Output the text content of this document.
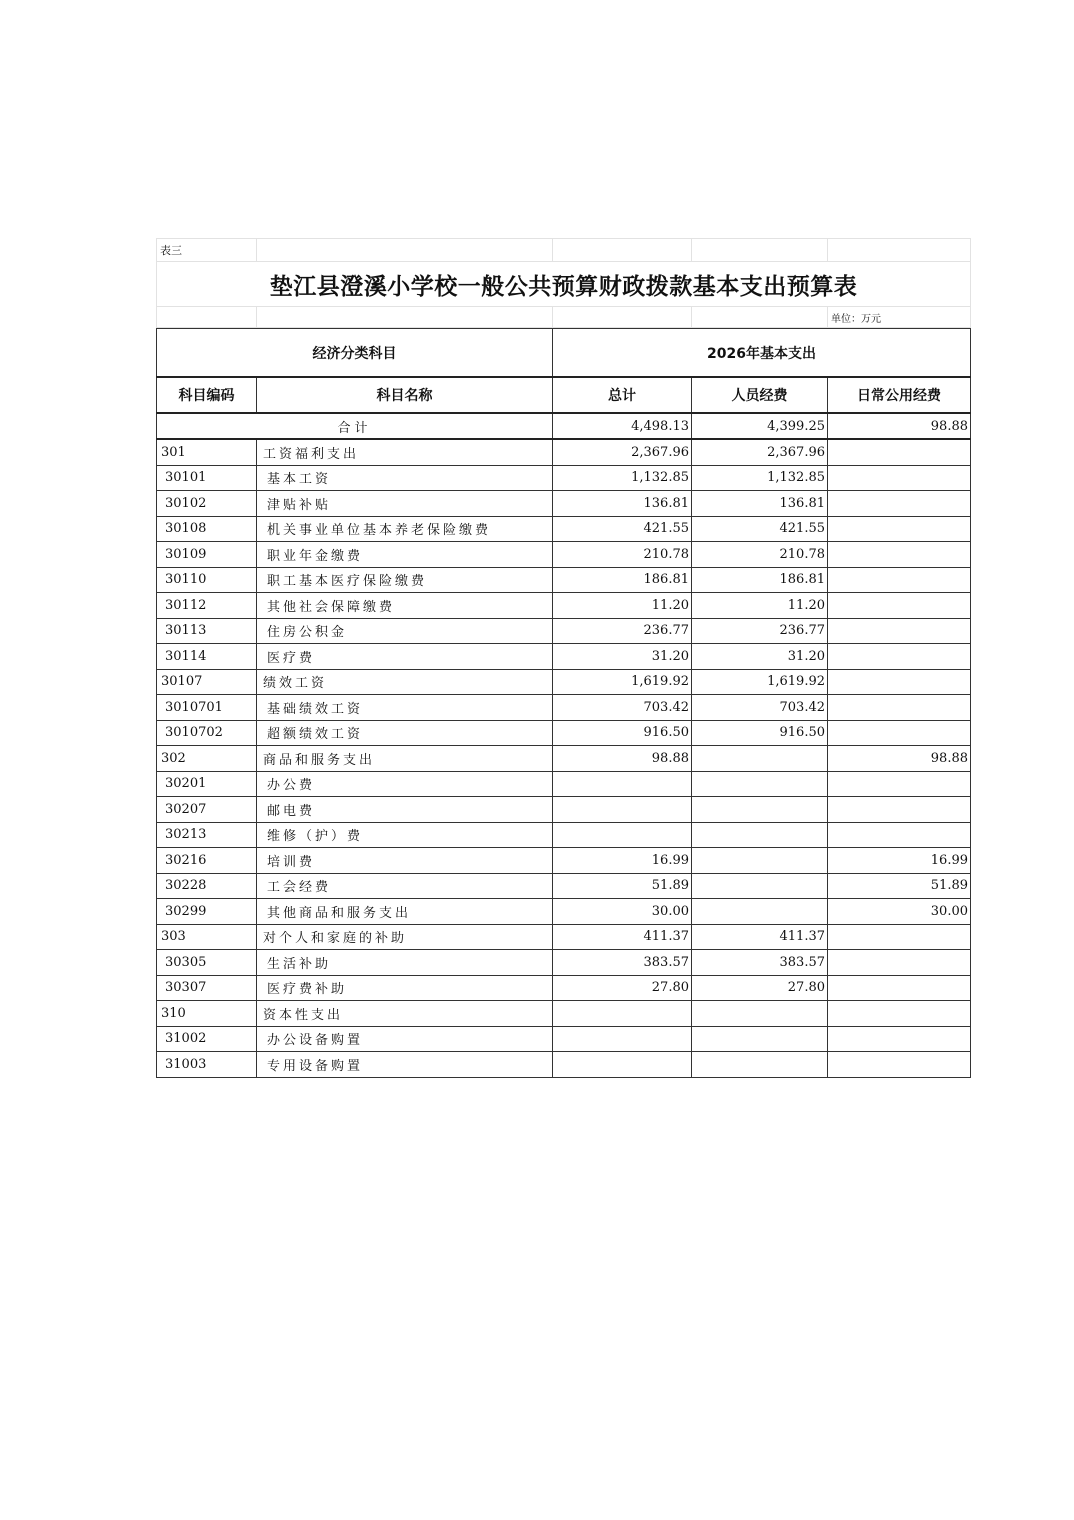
表三				
垫江县澄溪小学校一般公共预算财政拨款基本支出预算表				
				单位：万元
经济分类科目		2026年基本支出		
科目编码	科目名称	总计	人员经费	日常公用经费
合计		4,498.13	4,399.25	98.88
301	工资福利支出	2,367.96	2,367.96	
30101	基本工资	1,132.85	1,132.85	
30102	津贴补贴	136.81	136.81	
30108	机关事业单位基本养老保险缴费	421.55	421.55	
30109	职业年金缴费	210.78	210.78	
30110	职工基本医疗保险缴费	186.81	186.81	
30112	其他社会保障缴费	11.20	11.20	
30113	住房公积金	236.77	236.77	
30114	医疗费	31.20	31.20	
30107	绩效工资	1,619.92	1,619.92	
3010701	基础绩效工资	703.42	703.42	
3010702	超额绩效工资	916.50	916.50	
302	商品和服务支出	98.88		98.88
30201	办公费			
30207	邮电费			
30213	维修（护）费			
30216	培训费	16.99		16.99
30228	工会经费	51.89		51.89
30299	其他商品和服务支出	30.00		30.00
303	对个人和家庭的补助	411.37	411.37	
30305	生活补助	383.57	383.57	
30307	医疗费补助	27.80	27.80	
310	资本性支出			
31002	办公设备购置			
31003	专用设备购置			
